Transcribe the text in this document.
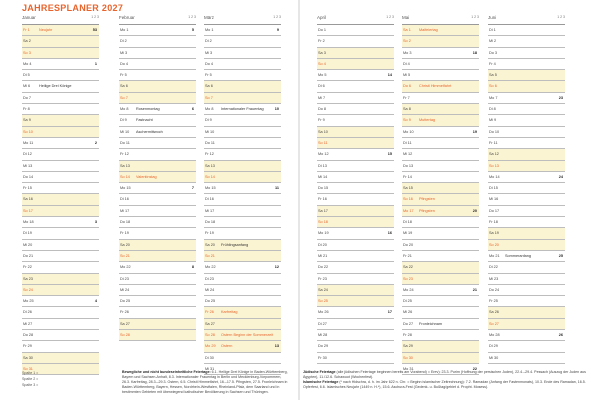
JAHRESPLANER 2027
Januar	1 2 3
Fr 1 Neujahr	53
Sa 2
So 3
Mo 4	1
Di 5
Mi 6 Heilige Drei Könige
Do 7
Fr 8
Sa 9
So 10
Mo 11	2
Di 12
Mi 13
Do 14
Fr 15
Sa 16
So 17
Mo 18	3
Di 19
Mi 20
Do 21
Fr 22
Sa 23
So 24
Mo 25	4
Di 26
Mi 27
Do 28
Fr 29
Sa 30
So 31
Februar	1 2 3
Mo 1	5
Di 2
Mi 3
Do 4
Fr 5
Sa 6
So 7
Mo 8 Rosenmontag	6
Di 9 Fastnacht
Mi 10 Aschermittwoch
Do 11
Fr 12
Sa 13
So 14 Valentinstag
Mo 15	7
Di 16
Mi 17
Do 18
Fr 19
Sa 20
So 21
Mo 22	8
Di 23
Mi 24
Do 25
Fr 26
Sa 27
So 28
März	1 2 3
Mo 1	9
Di 2
Mi 3
Do 4
Fr 5
Sa 6
So 7
Mo 8 Internationaler Frauentag	10
Di 9
Mi 10
Do 11
Fr 12
Sa 13
So 14
Mo 15	11
Di 16
Mi 17
Do 18
Fr 19
Sa 20 Frühlingsanfang
So 21
Mo 22	12
Di 23
Mi 24
Do 25
Fr 26 Karfreitag
Sa 27
So 28 Ostern Beginn der Sommerzeit
Mo 29 Ostern	13
Di 30
Mi 31
April	1 2 3
Do 1
Fr 2
Sa 3
So 4
Mo 5	14
Di 6
Mi 7
Do 8
Fr 9
Sa 10
So 11
Mo 12	15
Di 13
Mi 14
Do 15
Fr 16
Sa 17
So 18
Mo 19	16
Di 20
Mi 21
Do 22
Fr 23
Sa 24
So 25
Mo 26	17
Di 27
Mi 28
Do 29
Fr 30
Mai	1 2 3
Sa 1 Maifeiertag
So 2
Mo 3	18
Di 4
Mi 5
Do 6 Christi Himmelfahrt
Fr 7
Sa 8
So 9 Muttertag
Mo 10	19
Di 11
Mi 12
Do 13
Fr 14
Sa 15
So 16 Pfingsten
Mo 17 Pfingsten	20
Di 18
Mi 19
Do 20
Fr 21
Sa 22
So 23
Mo 24	21
Di 25
Mi 26
Do 27 Fronleichnam
Fr 28
Sa 29
So 30
Mo 31	22
Juni	1 2 3
Di 1
Mi 2
Do 3
Fr 4
Sa 5
So 6
Mo 7	23
Di 8
Mi 9
Do 10
Fr 11
Sa 12
So 13
Mo 14	24
Di 15
Mi 16
Do 17
Fr 18
Sa 19
So 20
Mo 21 Sommeranfang	25
Di 22
Mi 23
Do 24
Fr 25
Sa 26
So 27
Mo 28	26
Di 29
Mi 30
Spalte 1 =
Spalte 2 =
Spalte 3 =
Bewegliche und nicht bundeseinheitliche Feiertage: 6.1. Heilige Drei Könige in Baden-Württemberg, Bayern und Sachsen-Anhalt, 8.3. Internationaler Frauentag in Berlin und Mecklenburg-Vorpommern, 26.3. Karfreitag, 28.3.–29.3. Ostern, 6.5. Christi Himmelfahrt, 16.–17.5. Pfingsten, 27.5. Fronleichnam in Baden-Württemberg, Bayern, Hessen, Nordrhein-Westfalen, Rheinland-Pfalz, dem Saarland und in bestimmten Gebieten mit überwiegend katholischer Bevölkerung in Sachsen und Thüringen.
Jüdische Feiertage (alle jüdischen Feiertage beginnen bereits am Vorabend) = Erev): 23.3. Purim (Hoffnung der persischen Juden), 22.4.–29.4. Pessach (Auszug der Juden aus Ägypten), 11./12.6. Schawuot (Wochenfest).
Islamische Feiertage (* nach Hidschra, d. h. im Jahr 622 n. Chr. = Beginn islamischer Zeitrechnung): 7.2. Ramadan (Anfang der Fastenmonats), 10.3. Ende des Ramadan, 16.5. Opferfest, 6.6. Islamisches Neujahr (1449 n. H.*), 15.6. Aschura-Fest (Gedenk- u. Bußtag/gebiet d. Propht. Mosess).
